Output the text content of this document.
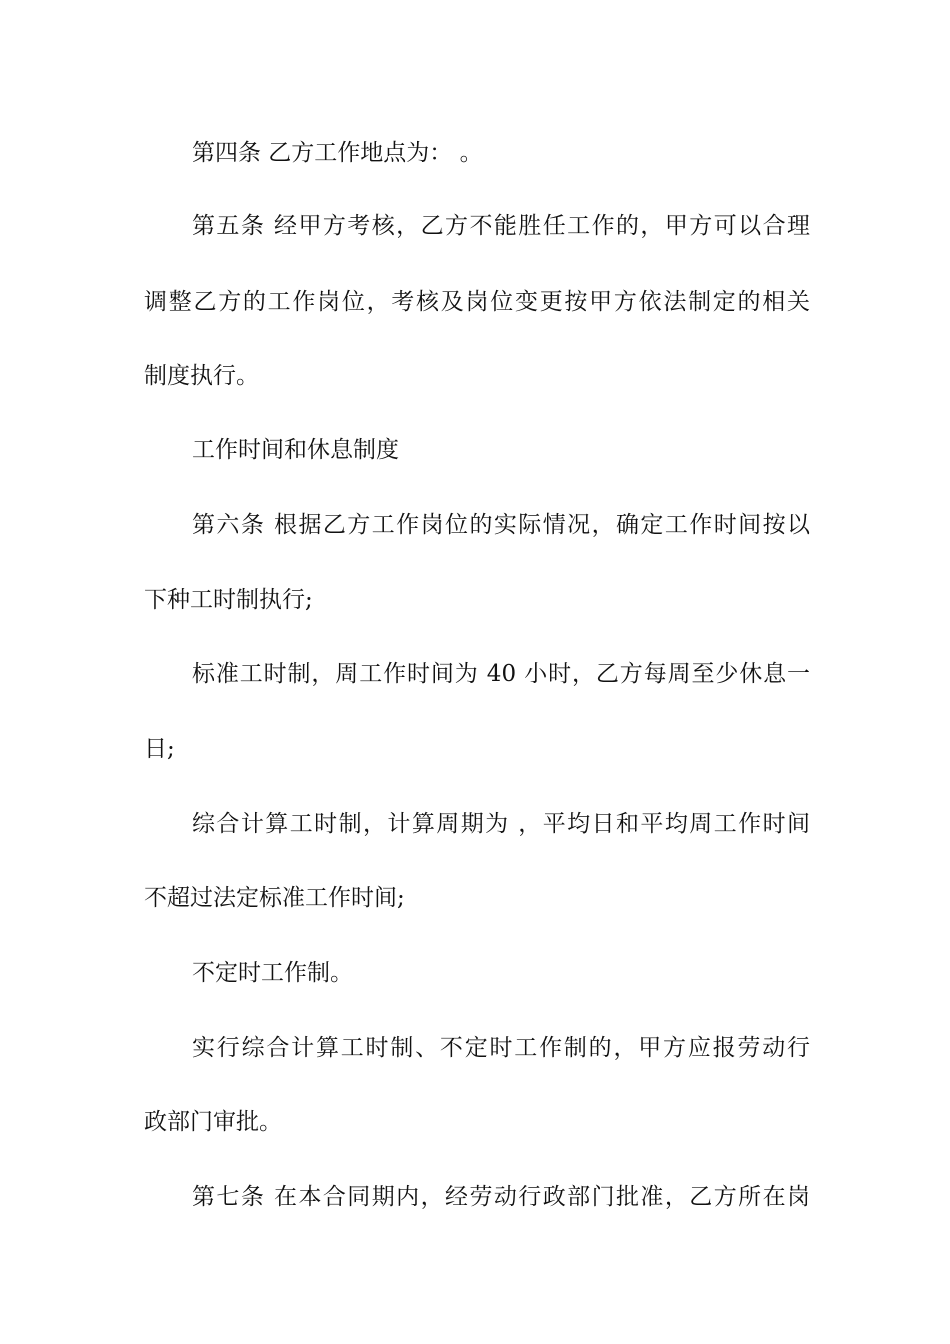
第四条 乙方工作地点为： 。
第五条 经甲方考核，乙方不能胜任工作的，甲方可以合理
调整乙方的工作岗位，考核及岗位变更按甲方依法制定的相关
制度执行。
工作时间和休息制度
第六条 根据乙方工作岗位的实际情况，确定工作时间按以
下种工时制执行;
标准工时制，周工作时间为 40 小时，乙方每周至少休息一
日;
综合计算工时制，计算周期为 ，平均日和平均周工作时间
不超过法定标准工作时间;
不定时工作制。
实行综合计算工时制、不定时工作制的，甲方应报劳动行
政部门审批。
第七条 在本合同期内，经劳动行政部门批准，乙方所在岗
